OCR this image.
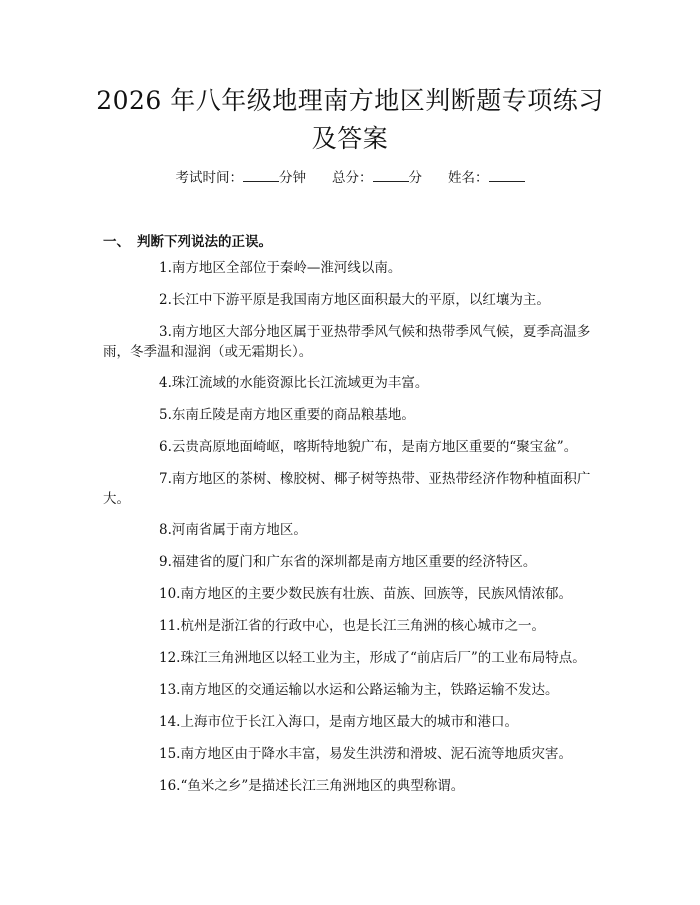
2026 年八年级地理南方地区判断题专项练习
及答案
考试时间：	分钟 总分：	分 姓名：
一、 判断下列说法的正误。
1.南方地区全部位于秦岭—淮河线以南。
2.长江中下游平原是我国南方地区面积最大的平原，以红壤为主。
3.南方地区大部分地区属于亚热带季风气候和热带季风气候，夏季高温多雨，冬季温和湿润（或无霜期长）。
4.珠江流域的水能资源比长江流域更为丰富。
5.东南丘陵是南方地区重要的商品粮基地。
6.云贵高原地面崎岖，喀斯特地貌广布，是南方地区重要的“聚宝盆”。
7.南方地区的茶树、橡胶树、椰子树等热带、亚热带经济作物种植面积广大。
8.河南省属于南方地区。
9.福建省的厦门和广东省的深圳都是南方地区重要的经济特区。
10.南方地区的主要少数民族有壮族、苗族、回族等，民族风情浓郁。
11.杭州是浙江省的行政中心，也是长江三角洲的核心城市之一。
12.珠江三角洲地区以轻工业为主，形成了“前店后厂”的工业布局特点。
13.南方地区的交通运输以水运和公路运输为主，铁路运输不发达。
14.上海市位于长江入海口，是南方地区最大的城市和港口。
15.南方地区由于降水丰富，易发生洪涝和滑坡、泥石流等地质灾害。
16.“鱼米之乡”是描述长江三角洲地区的典型称谓。
